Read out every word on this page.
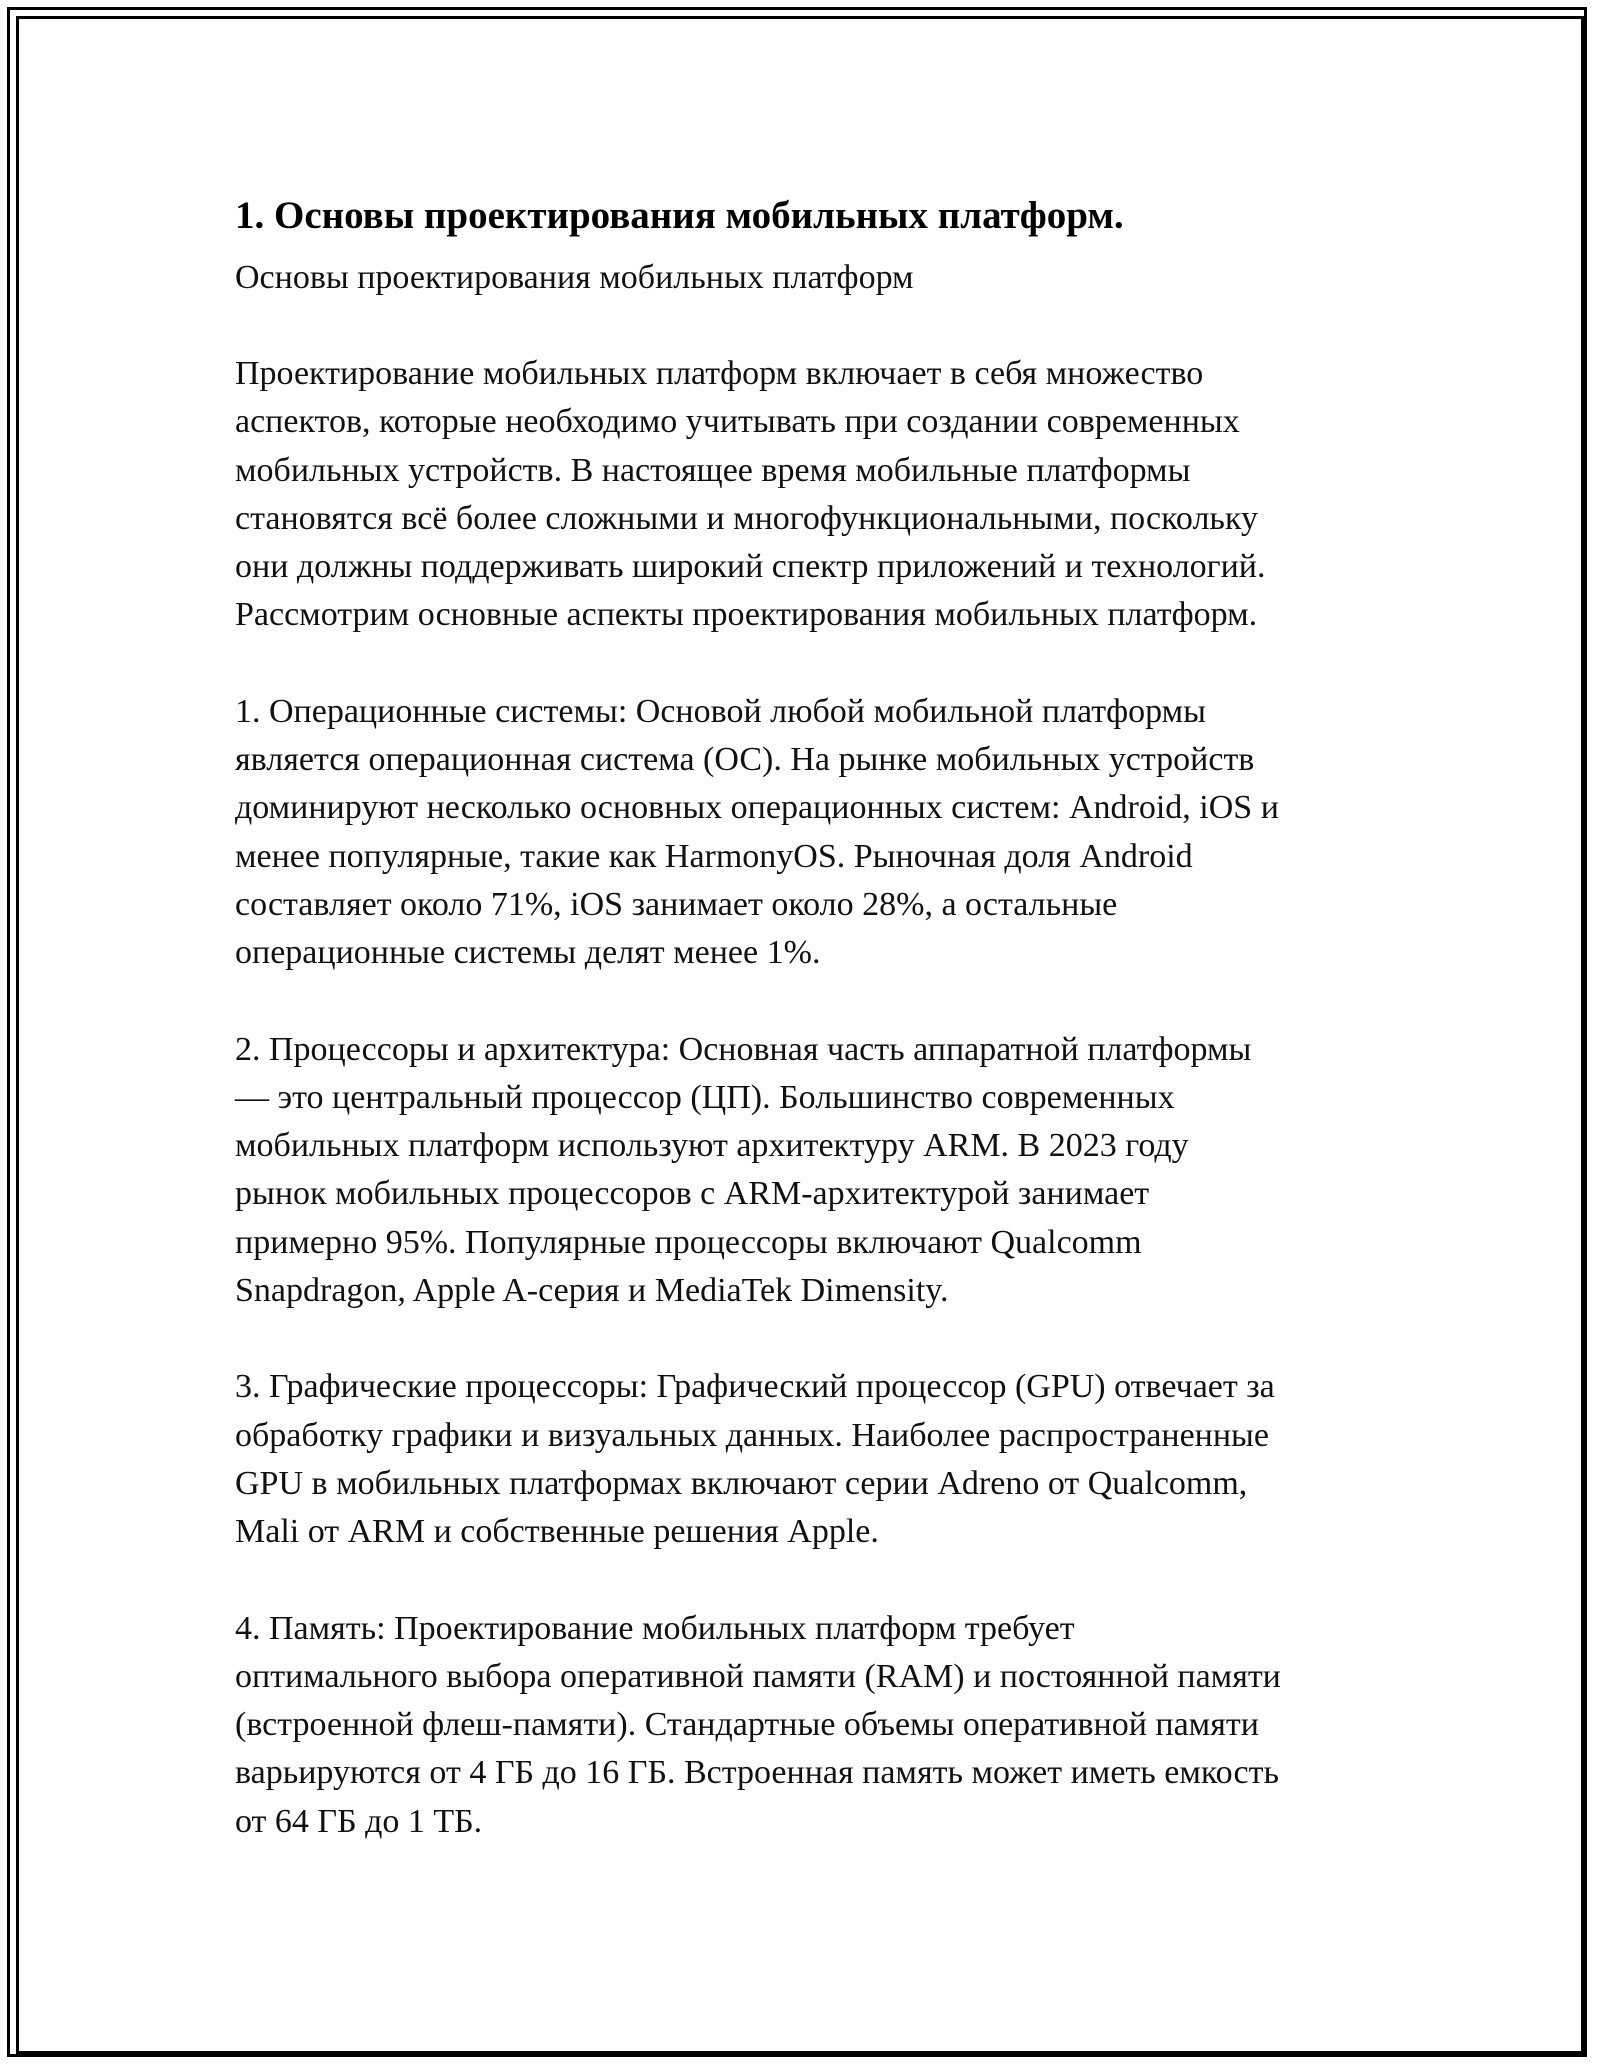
1. Основы проектирования мобильных платформ.
Основы проектирования мобильных платформ

Проектирование мобильных платформ включает в себя множество
аспектов, которые необходимо учитывать при создании современных
мобильных устройств. В настоящее время мобильные платформы
становятся всё более сложными и многофункциональными, поскольку
они должны поддерживать широкий спектр приложений и технологий.
Рассмотрим основные аспекты проектирования мобильных платформ.

1. Операционные системы: Основой любой мобильной платформы
является операционная система (ОС). На рынке мобильных устройств
доминируют несколько основных операционных систем: Android, iOS и
менее популярные, такие как HarmonyOS. Рыночная доля Android
составляет около 71%, iOS занимает около 28%, а остальные
операционные системы делят менее 1%.

2. Процессоры и архитектура: Основная часть аппаратной платформы
— это центральный процессор (ЦП). Большинство современных
мобильных платформ используют архитектуру ARM. В 2023 году
рынок мобильных процессоров с ARM-архитектурой занимает
примерно 95%. Популярные процессоры включают Qualcomm
Snapdragon, Apple A-серия и MediaTek Dimensity.

3. Графические процессоры: Графический процессор (GPU) отвечает за
обработку графики и визуальных данных. Наиболее распространенные
GPU в мобильных платформах включают серии Adreno от Qualcomm,
Mali от ARM и собственные решения Apple.

4. Память: Проектирование мобильных платформ требует
оптимального выбора оперативной памяти (RAM) и постоянной памяти
(встроенной флеш-памяти). Стандартные объемы оперативной памяти
варьируются от 4 ГБ до 16 ГБ. Встроенная память может иметь емкость
от 64 ГБ до 1 ТБ.
